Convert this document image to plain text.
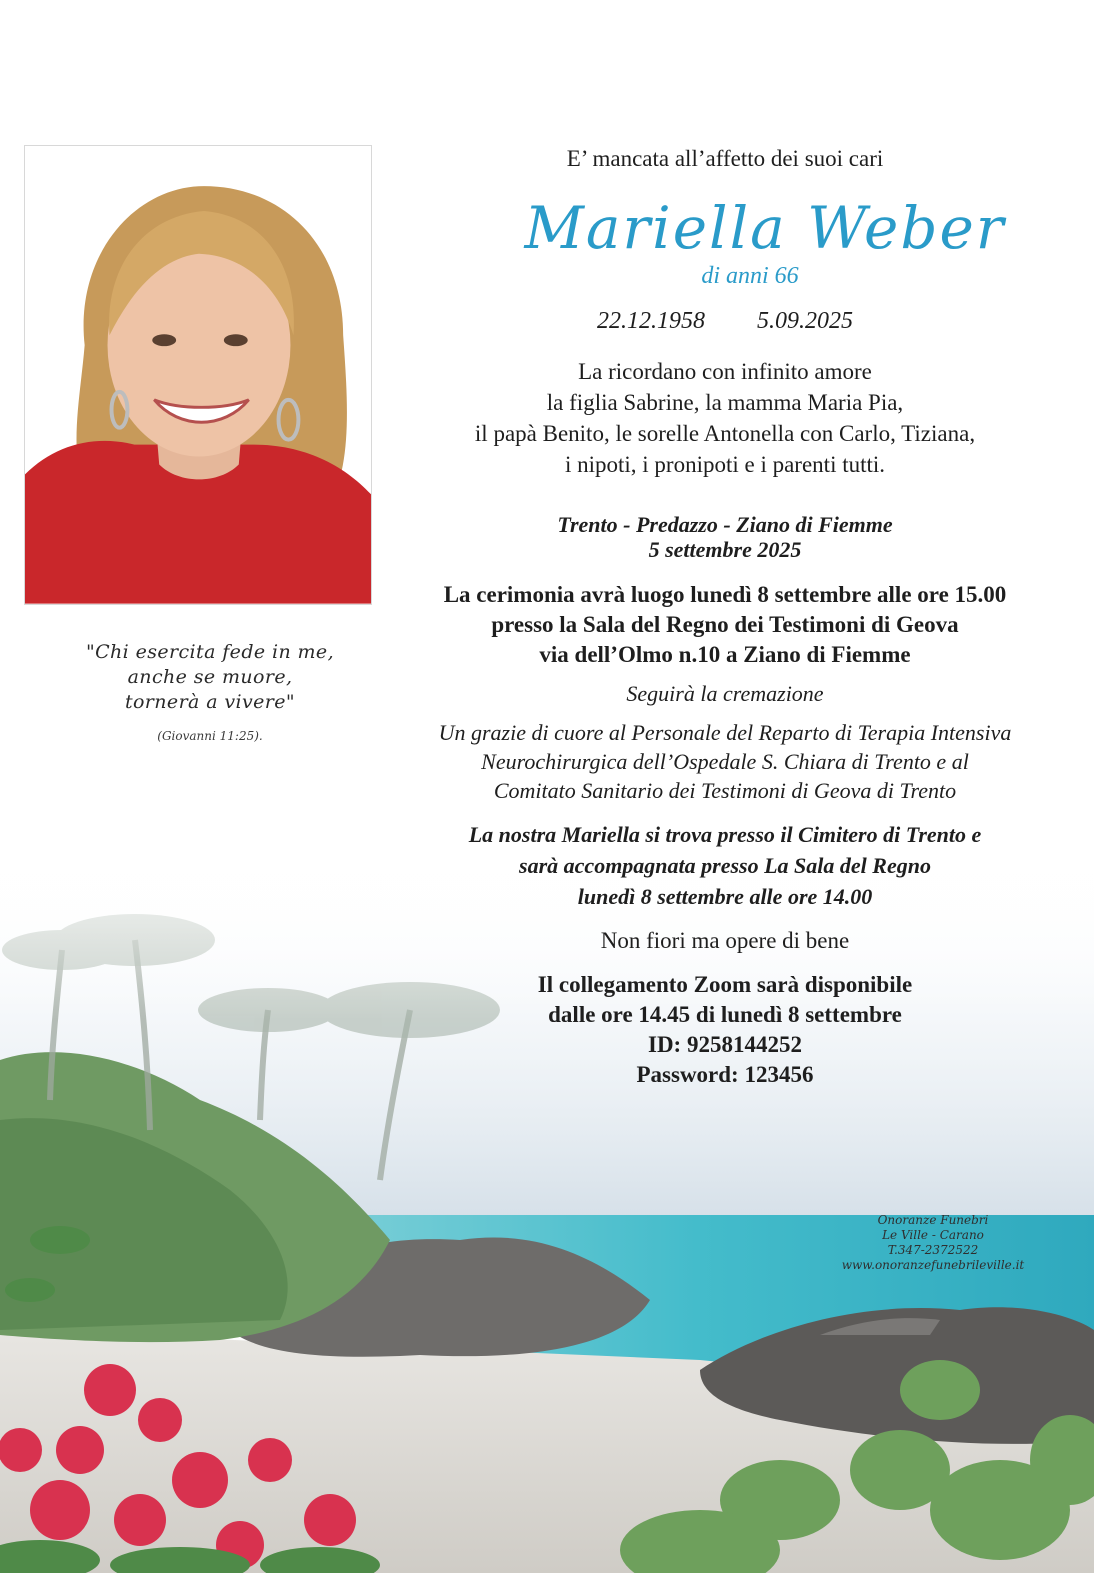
"Chi esercita fede in me,
anche se muore,
tornerà a vivere"
(Giovanni 11:25).

E’ mancata all’affetto dei suoi cari

Mariella Weber

di anni 66

22.12.1958 5.09.2025

La ricordano con infinito amore
la figlia Sabrine, la mamma Maria Pia,
il papà Benito, le sorelle Antonella con Carlo, Tiziana,
i nipoti, i pronipoti e i parenti tutti.

Trento - Predazzo - Ziano di Fiemme
5 settembre 2025

La cerimonia avrà luogo lunedì 8 settembre alle ore 15.00
presso la Sala del Regno dei Testimoni di Geova
via dell’Olmo n.10 a Ziano di Fiemme

Seguirà la cremazione

Un grazie di cuore al Personale del Reparto di Terapia Intensiva
Neurochirurgica dell’Ospedale S. Chiara di Trento e al
Comitato Sanitario dei Testimoni di Geova di Trento

La nostra Mariella si trova presso il Cimitero di Trento e
sarà accompagnata presso La Sala del Regno
lunedì 8 settembre alle ore 14.00

Non fiori ma opere di bene

Il collegamento Zoom sarà disponibile
dalle ore 14.45 di lunedì 8 settembre
ID: 9258144252
Password: 123456

Onoranze Funebri
Le Ville - Carano
T.347-2372522
www.onoranzefunebrileville.it
